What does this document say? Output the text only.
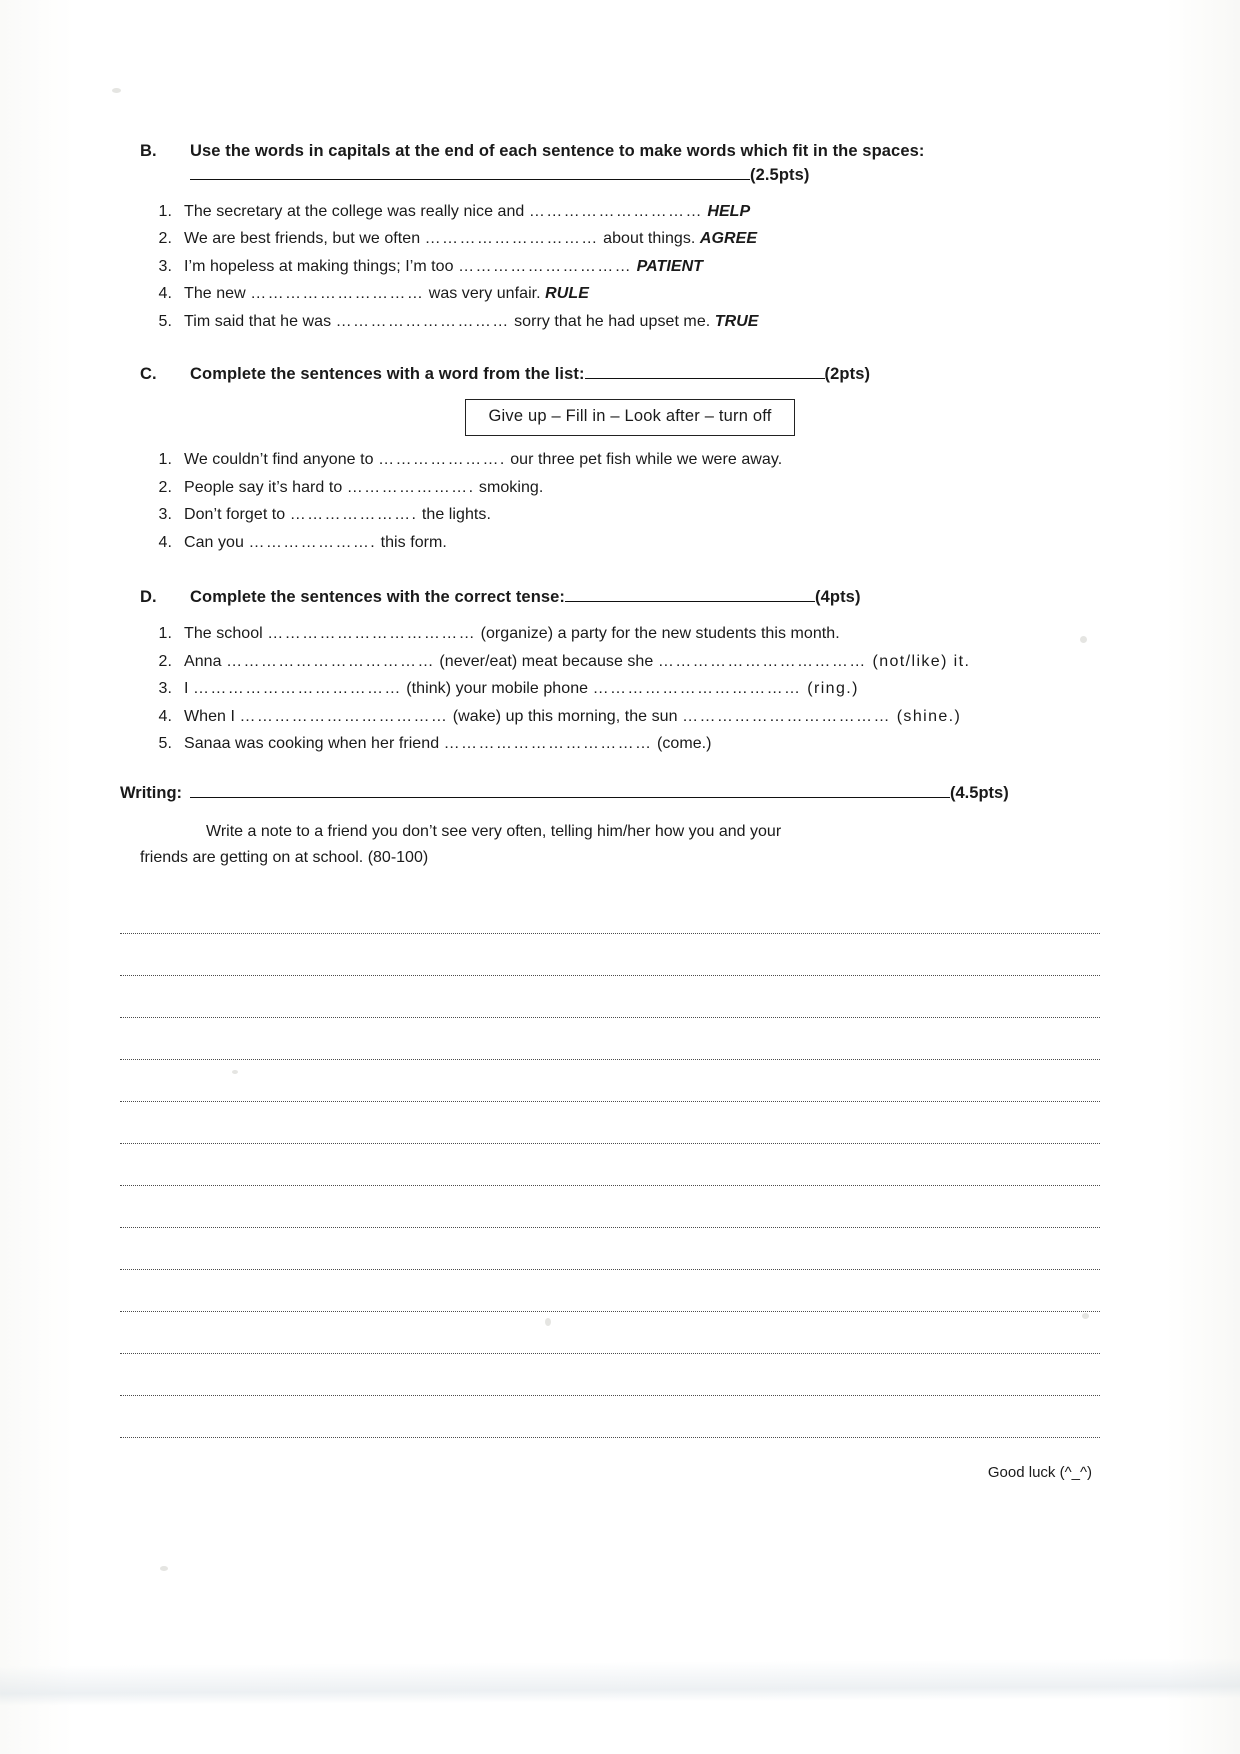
B.	Use the words in capitals at the end of each sentence to make words which fit in the spaces: (2.5pts)
1. The secretary at the college was really nice and ………………………… HELP
2. We are best friends, but we often ………………………… about things. AGREE
3. I’m hopeless at making things; I’m too ………………………… PATIENT
4. The new ………………………… was very unfair. RULE
5. Tim said that he was ………………………… sorry that he had upset me. TRUE
C.	Complete the sentences with a word from the list:	(2pts)
Give up – Fill in – Look after – turn off
1. We couldn’t find anyone to …………………. our three pet fish while we were away.
2. People say it’s hard to …………………. smoking.
3. Don’t forget to …………………. the lights.
4. Can you …………………. this form.
D.	Complete the sentences with the correct tense:	(4pts)
1. The school ……………………………… (organize) a party for the new students this month.
2. Anna ……………………………… (never/eat) meat because she ……………………………… (not/like) it.
3. I ……………………………… (think) your mobile phone ……………………………… (ring.)
4. When I ……………………………… (wake) up this morning, the sun ……………………………… (shine.)
5. Sanaa was cooking when her friend ……………………………… (come.)
Writing:	(4.5pts)
Write a note to a friend you don’t see very often, telling him/her how you and your
friends are getting on at school. (80-100)
Good luck (^_^)
